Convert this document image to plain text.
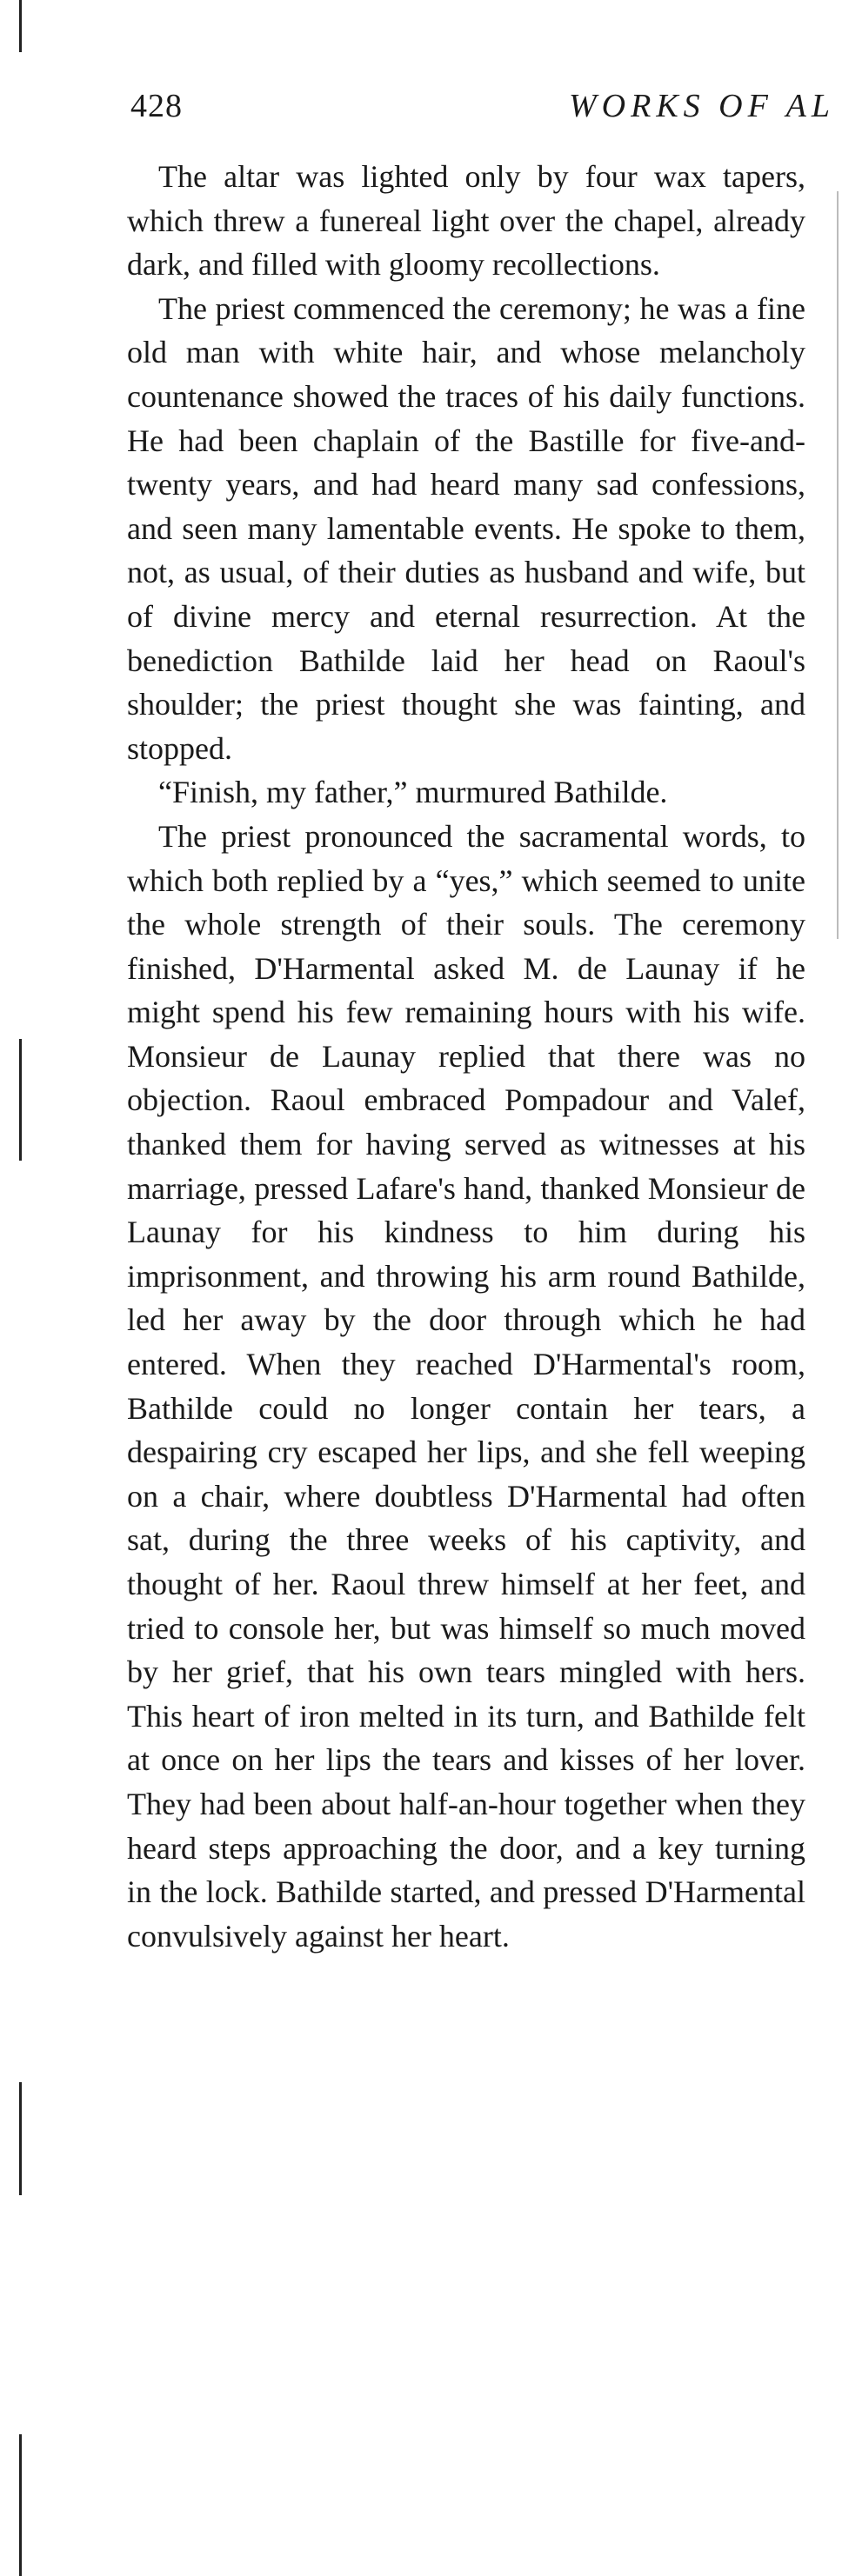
428	WORKS OF AL

The altar was lighted only by four wax tapers, which threw a funereal light over the chapel, already dark, and filled with gloomy recollections.

The priest commenced the ceremony; he was a fine old man with white hair, and whose melancholy countenance showed the traces of his daily functions. He had been chaplain of the Bastille for five-and-twenty years, and had heard many sad confessions, and seen many lamentable events. He spoke to them, not, as usual, of their duties as husband and wife, but of divine mercy and eternal resurrection. At the benediction Bathilde laid her head on Raoul's shoulder; the priest thought she was fainting, and stopped.

“Finish, my father,” murmured Bathilde.

The priest pronounced the sacramental words, to which both replied by a “yes,” which seemed to unite the whole strength of their souls. The ceremony finished, D'Harmental asked M. de Launay if he might spend his few remaining hours with his wife. Monsieur de Launay replied that there was no objection. Raoul embraced Pompadour and Valef, thanked them for having served as witnesses at his marriage, pressed Lafare's hand, thanked Monsieur de Launay for his kindness to him during his imprisonment, and throwing his arm round Bathilde, led her away by the door through which he had entered. When they reached D'Harmental's room, Bathilde could no longer contain her tears, a despairing cry escaped her lips, and she fell weeping on a chair, where doubtless D'Harmental had often sat, during the three weeks of his captivity, and thought of her. Raoul threw himself at her feet, and tried to console her, but was himself so much moved by her grief, that his own tears mingled with hers. This heart of iron melted in its turn, and Bathilde felt at once on her lips the tears and kisses of her lover. They had been about half-an-hour together when they heard steps approaching the door, and a key turning in the lock. Bathilde started, and pressed D'Harmental convulsively against her heart.
